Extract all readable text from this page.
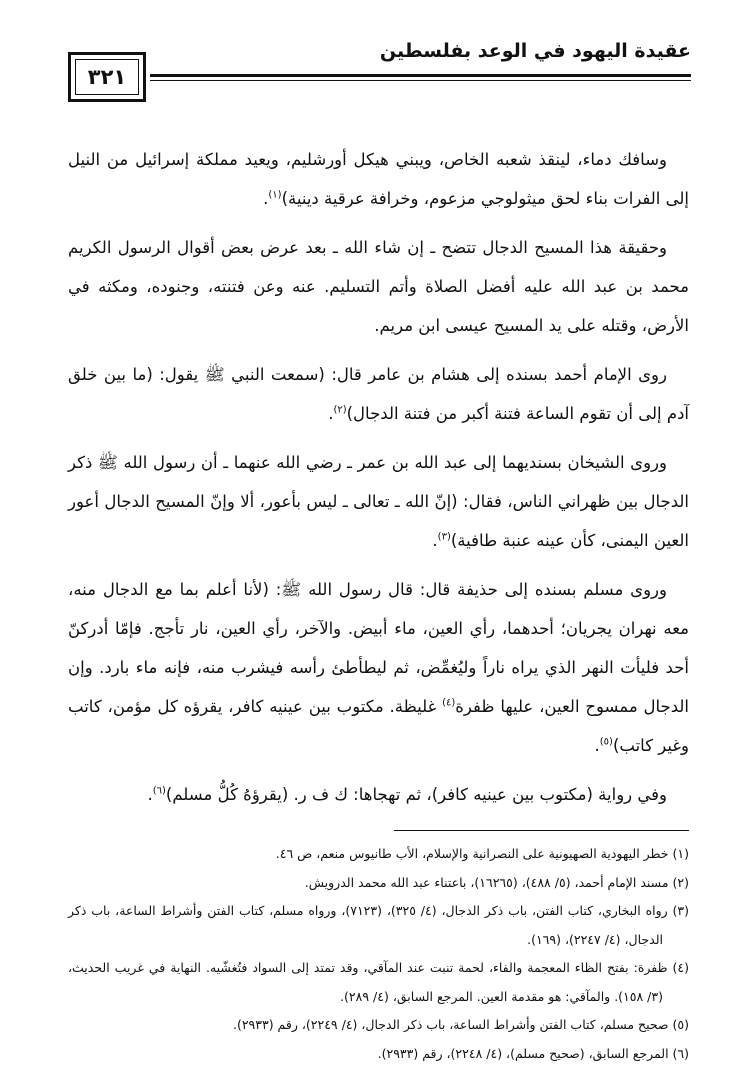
عقيدة اليهود في الوعد بفلسطين
٣٢١

وسافك دماء، لينقذ شعبه الخاص، ويبني هيكل أورشليم، ويعيد مملكة إسرائيل من النيل إلى الفرات بناء لحق ميثولوجي مزعوم، وخرافة عرقية دينية)$^{(١)}$.

وحقيقة هذا المسيح الدجال تتضح ـ إن شاء الله ـ بعد عرض بعض أقوال الرسول الكريم محمد بن عبد الله عليه أفضل الصلاة وأتم التسليم. عنه وعن فتنته، وجنوده، ومكثه في الأرض، وقتله على يد المسيح عيسى ابن مريم.

روى الإمام أحمد بسنده إلى هشام بن عامر قال: (سمعت النبي ﷺ يقول: (ما بين خلق آدم إلى أن تقوم الساعة فتنة أكبر من فتنة الدجال)$^{(٢)}$.

وروى الشيخان بسنديهما إلى عبد الله بن عمر ـ رضي الله عنهما ـ أن رسول الله ﷺ ذكر الدجال بين ظهراني الناس، فقال: (إنّ الله ـ تعالى ـ ليس بأعور، ألا وإنّ المسيح الدجال أعور العين اليمنى، كأن عينه عنبة طافية)$^{(٣)}$.

وروى مسلم بسنده إلى حذيفة قال: قال رسول الله ﷺ: (لأنا أعلم بما مع الدجال منه، معه نهران يجريان؛ أحدهما، رأي العين، ماء أبيض. والآخر، رأي العين، نار تأجج. فإمّا أدركنّ أحد فليأت النهر الذي يراه ناراً وليُغمِّض، ثم ليطأطئ رأسه فيشرب منه، فإنه ماء بارد. وإن الدجال ممسوح العين، عليها ظفرة$^{(٤)}$ غليظة. مكتوب بين عينيه كافر، يقرؤه كل مؤمن، كاتب وغير كاتب)$^{(٥)}$.

وفي رواية (مكتوب بين عينيه كافر)، ثم تهجاها: ك ف ر. (يقرؤهُ كُلُّ مسلم)$^{(٦)}$.

(١) خطر اليهودية الصهيونية على النصرانية والإسلام، الأب طانيوس منعم، ص ٤٦.

(٢) مسند الإمام أحمد، (٥/ ٤٨٨)، (١٦٢٦٥)، باعتناء عبد الله محمد الدرويش.

(٣) رواه البخاري، كتاب الفتن، باب ذكر الدجال، (٤/ ٣٢٥)، (٧١٢٣)، ورواه مسلم، كتاب الفتن وأشراط الساعة، باب ذكر الدجال، (٤/ ٢٢٤٧)، (١٦٩).

(٤) ظفرة: بفتح الظاء المعجمة والفاء، لحمة تنبت عند المآقي، وقد تمتد إلى السواد فتُغشّيه. النهاية في غريب الحديث، (٣/ ١٥٨). والمآقي: هو مقدمة العين. المرجع السابق، (٤/ ٢٨٩).

(٥) صحيح مسلم، كتاب الفتن وأشراط الساعة، باب ذكر الدجال، (٤/ ٢٢٤٩)، رقم (٢٩٣٣).

(٦) المرجع السابق، (صحيح مسلم)، (٤/ ٢٢٤٨)، رقم (٢٩٣٣).
